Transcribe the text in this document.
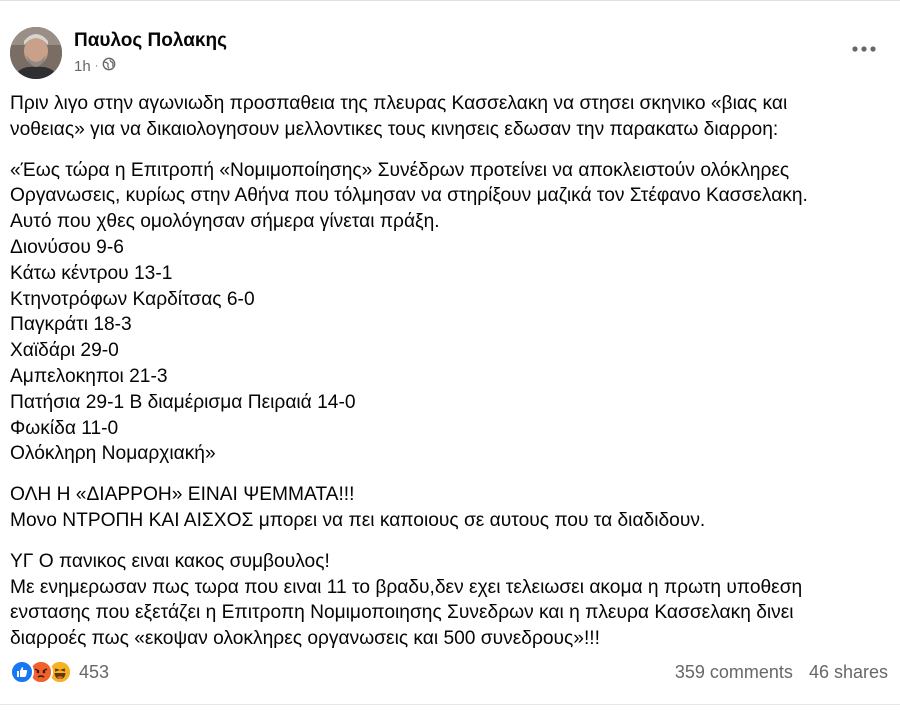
Παυλος Πολακης
1h ·

Πριν λιγο στην αγωνιωδη προσπαθεια της πλευρας Κασσελακη να στησει σκηνικο «βιας και
νοθειας» για να δικαιολογησουν μελλοντικες τους κινησεις εδωσαν την παρακατω διαρροη:

«Έως τώρα η Επιτροπή «Νομιμοποίησης» Συνέδρων προτείνει να αποκλειστούν ολόκληρες
Οργανωσεις, κυρίως στην Αθήνα που τόλμησαν να στηρίξουν μαζικά τον Στέφανο Κασσελακη.
Αυτό που χθες ομολόγησαν σήμερα γίνεται πράξη.
Διονύσου 9-6
Κάτω κέντρου 13-1
Κτηνοτρόφων Καρδίτσας 6-0
Παγκράτι 18-3
Χαϊδάρι 29-0
Αμπελοκηποι 21-3
Πατήσια 29-1 Β διαμέρισμα Πειραιά 14-0
Φωκίδα 11-0
Ολόκληρη Νομαρχιακή»

ΟΛΗ Η «ΔΙΑΡΡΟΗ» ΕΙΝΑΙ ΨΕΜΜΑΤΑ!!!
Μονο ΝΤΡΟΠΗ ΚΑΙ ΑΙΣΧΟΣ μπορει να πει καποιους σε αυτους που τα διαδιδουν.

ΥΓ Ο πανικος ειναι κακος συμβουλος!
Με ενημερωσαν πως τωρα που ειναι 11 το βραδυ,δεν εχει τελειωσει ακομα η πρωτη υποθεση
ενστασης που εξετάζει η Επιτροπη Νομιμοποιησης Συνεδρων και η πλευρα Κασσελακη δινει
διαρροές πως «εκοψαν ολοκληρες οργανωσεις και 500 συνεδρους»!!!

453	359 comments 46 shares
